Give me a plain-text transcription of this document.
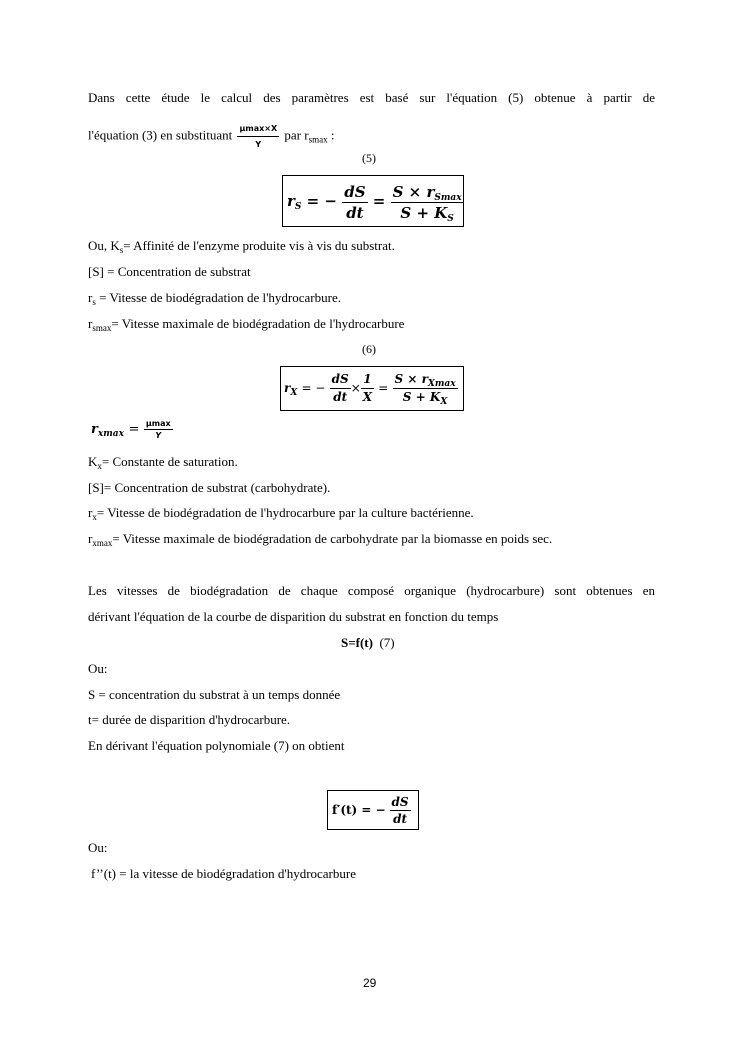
Dans cette étude le calcul des paramètres est basé sur l'équation (5) obtenue à partir de
l'équation (3) en substituant $\frac{\mu\max\times X}{Y}$ par $r_{smax}$ :
(5)
$r_S$ = − $\frac{dS}{dt} = \frac{S \times r_{Smax}}{S + K_S}$
Ou, $K_s=$ Affinité de l'enzyme produite vis à vis du substrat.
[S] = Concentration de substrat
$r_s$ = Vitesse de biodégradation de l'hydrocarbure.
$r_{smax}=$ Vitesse maximale de biodégradation de l'hydrocarbure
(6)
$r_X$ = − $\frac{dS}{dt} \times \frac{1}{X} = \frac{S \times r_{Xmax}}{S + K_X}$
$r_{xmax} = \frac{\mu\max}{Y}$
$K_x=$ Constante de saturation.
[S]= Concentration de substrat (carbohydrate).
$r_x=$ Vitesse de biodégradation de l'hydrocarbure par la culture bactérienne.
$r_{xmax}=$ Vitesse maximale de biodégradation de carbohydrate par la biomasse en poids sec.
Les vitesses de biodégradation de chaque composé organique (hydrocarbure) sont obtenues en
dérivant l'équation de la courbe de disparition du substrat en fonction du temps
S=f(t) (7)
Ou:
S = concentration du substrat à un temps donnée
t= durée de disparition d'hydrocarbure.
En dérivant l'équation polynomiale (7) on obtient
f′(t) = − $\frac{dS}{dt}$
Ou:
f’’(t) = la vitesse de biodégradation d'hydrocarbure
29
